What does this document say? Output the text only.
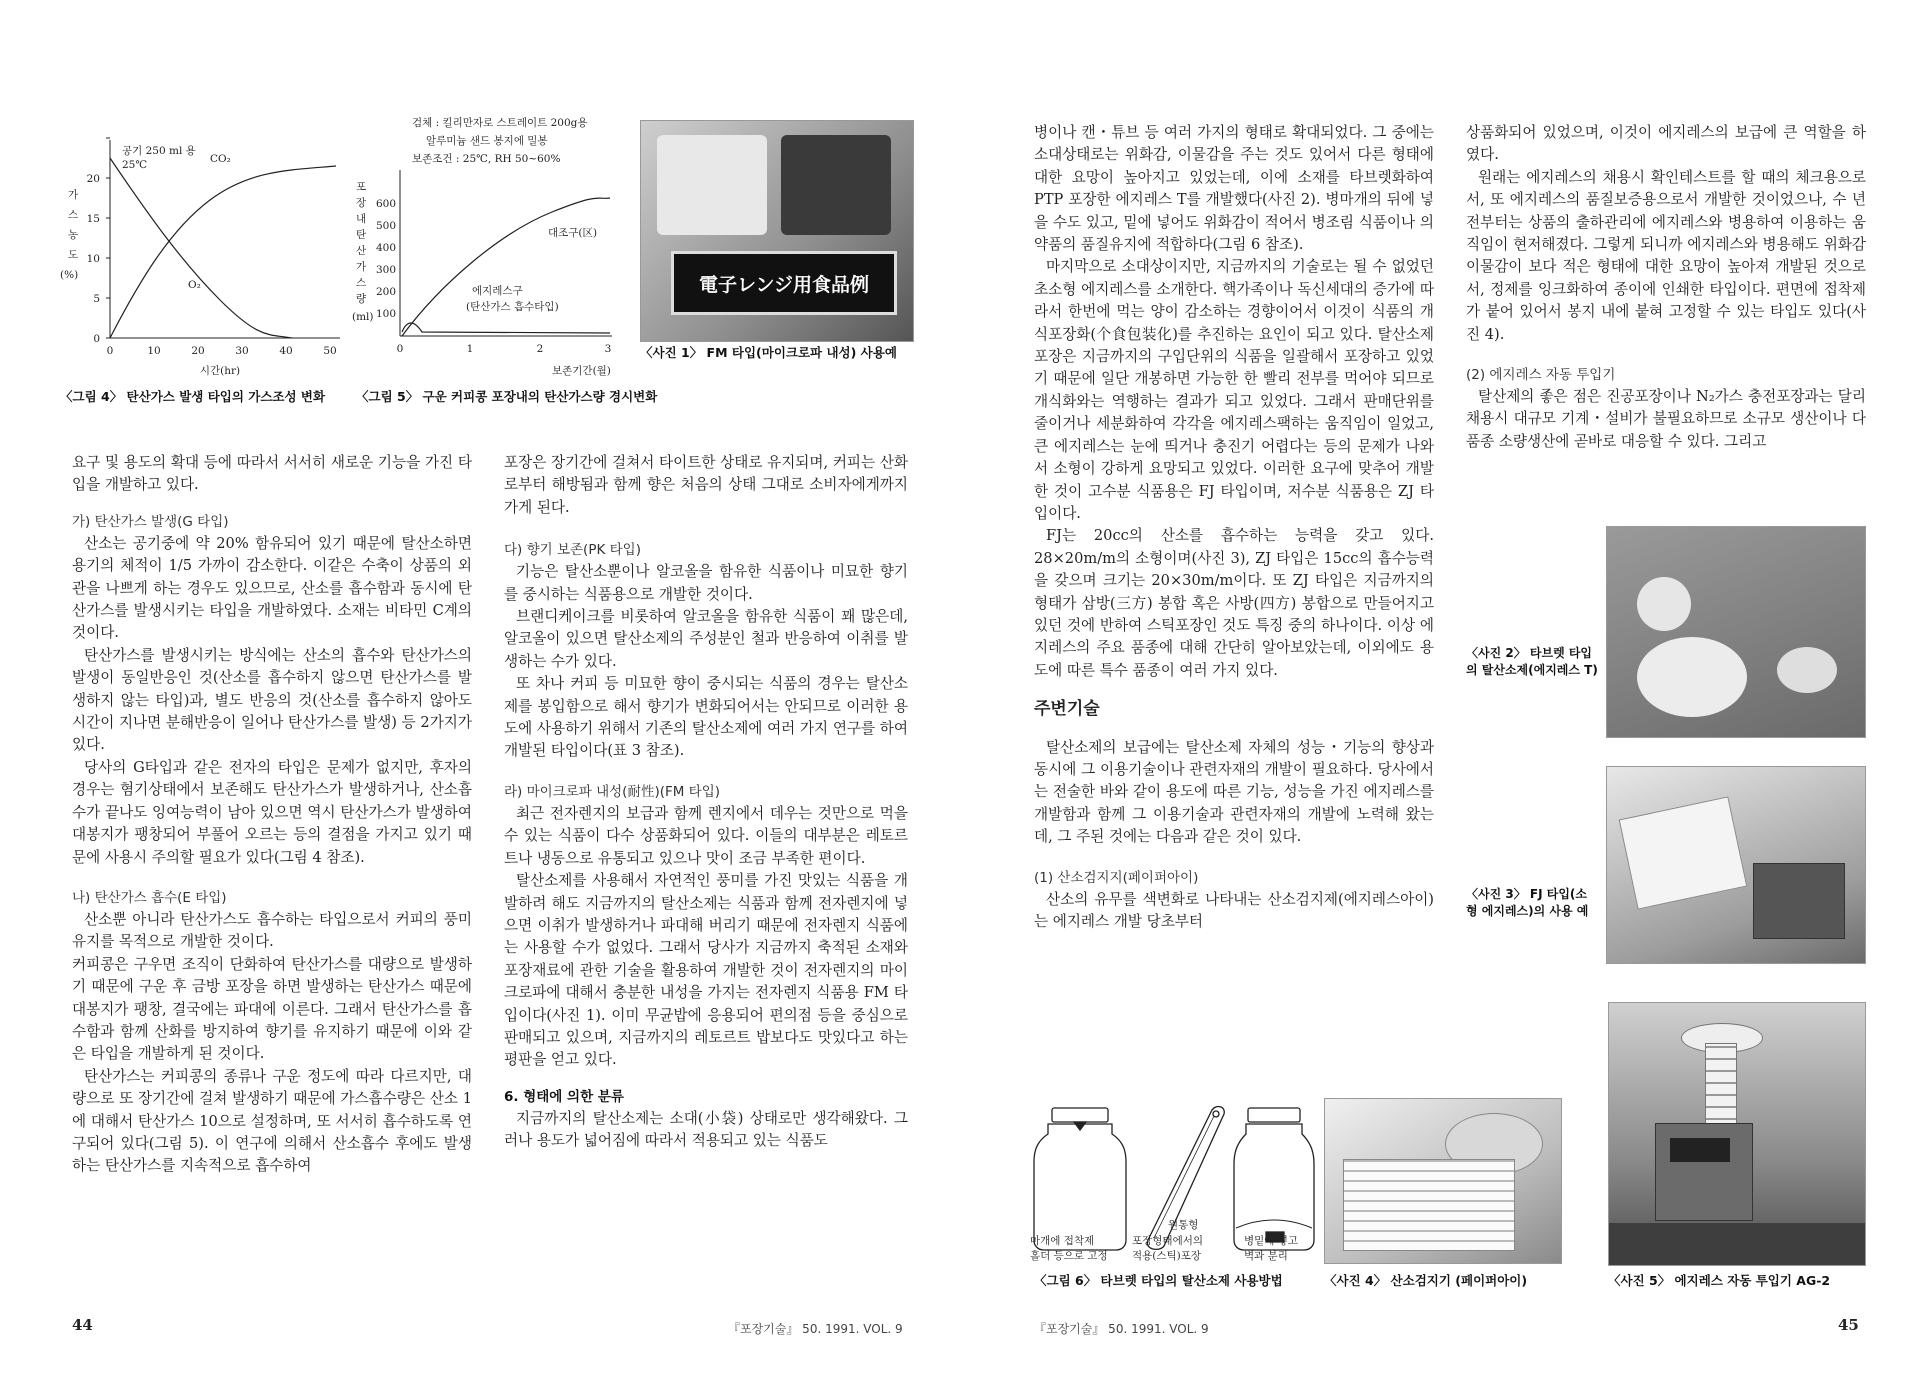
0
5
10
15
20
0	10	20	30	40	50
가
스
농
도
(%)
공기 250 ml 용
25℃	CO₂
O₂
시간(hr)
검체 : 킬리만자로 스트레이트 200g용
알루미늄 샌드 봉지에 밀봉
보존조건 : 25℃, RH 50∼60%
포
장
내
탄
산
가
스
량
(ml) 100
200
300
400
500
600
0	1	2	3
대조구(区)
에지레스구
(탄산가스 흡수타입)
보존기간(월)
〈그림 4〉 탄산가스 발생 타입의 가스조성 변화 〈그림 5〉 구운 커피콩 포장내의 탄산가스량 경시변화
電子レンジ用食品例
〈사진 1〉 FM 타입(마이크로파 내성) 사용예

요구 및 용도의 확대 등에 따라서 서서히 새로운 기능을 가진 타입을 개발하고 있다.

가) 탄산가스 발생(G 타입)

산소는 공기중에 약 20% 함유되어 있기 때문에 탈산소하면 용기의 체적이 1/5 가까이 감소한다. 이같은 수축이 상품의 외관을 나쁘게 하는 경우도 있으므로, 산소를 흡수함과 동시에 탄산가스를 발생시키는 타입을 개발하였다. 소재는 비타민 C계의 것이다.

탄산가스를 발생시키는 방식에는 산소의 흡수와 탄산가스의 발생이 동일반응인 것(산소를 흡수하지 않으면 탄산가스를 발생하지 않는 타입)과, 별도 반응의 것(산소를 흡수하지 않아도 시간이 지나면 분해반응이 일어나 탄산가스를 발생) 등 2가지가 있다.

당사의 G타입과 같은 전자의 타입은 문제가 없지만, 후자의 경우는 혐기상태에서 보존해도 탄산가스가 발생하거나, 산소흡수가 끝나도 잉여능력이 남아 있으면 역시 탄산가스가 발생하여 대봉지가 팽창되어 부풀어 오르는 등의 결점을 가지고 있기 때문에 사용시 주의할 필요가 있다(그림 4 참조).

나) 탄산가스 흡수(E 타입)

산소뿐 아니라 탄산가스도 흡수하는 타입으로서 커피의 풍미유지를 목적으로 개발한 것이다.

커피콩은 구우면 조직이 단화하여 탄산가스를 대량으로 발생하기 때문에 구운 후 금방 포장을 하면 발생하는 탄산가스 때문에 대봉지가 팽창, 결국에는 파대에 이른다. 그래서 탄산가스를 흡수함과 함께 산화를 방지하여 향기를 유지하기 때문에 이와 같은 타입을 개발하게 된 것이다.

탄산가스는 커피콩의 종류나 구운 정도에 따라 다르지만, 대량으로 또 장기간에 걸쳐 발생하기 때문에 가스흡수량은 산소 1에 대해서 탄산가스 10으로 설정하며, 또 서서히 흡수하도록 연구되어 있다(그림 5). 이 연구에 의해서 산소흡수 후에도 발생하는 탄산가스를 지속적으로 흡수하여

포장은 장기간에 걸쳐서 타이트한 상태로 유지되며, 커피는 산화로부터 해방됨과 함께 향은 처음의 상태 그대로 소비자에게까지 가게 된다.

다) 향기 보존(PK 타입)

기능은 탈산소뿐이나 알코올을 함유한 식품이나 미묘한 향기를 중시하는 식품용으로 개발한 것이다.

브랜디케이크를 비롯하여 알코올을 함유한 식품이 꽤 많은데, 알코올이 있으면 탈산소제의 주성분인 철과 반응하여 이취를 발생하는 수가 있다.

또 차나 커피 등 미묘한 향이 중시되는 식품의 경우는 탈산소제를 봉입함으로 해서 향기가 변화되어서는 안되므로 이러한 용도에 사용하기 위해서 기존의 탈산소제에 여러 가지 연구를 하여 개발된 타입이다(표 3 참조).

라) 마이크로파 내성(耐性)(FM 타입)

최근 전자렌지의 보급과 함께 렌지에서 데우는 것만으로 먹을 수 있는 식품이 다수 상품화되어 있다. 이들의 대부분은 레토르트나 냉동으로 유통되고 있으나 맛이 조금 부족한 편이다.

탈산소제를 사용해서 자연적인 풍미를 가진 맛있는 식품을 개발하려 해도 지금까지의 탈산소제는 식품과 함께 전자렌지에 넣으면 이취가 발생하거나 파대해 버리기 때문에 전자렌지 식품에는 사용할 수가 없었다. 그래서 당사가 지금까지 축적된 소재와 포장재료에 관한 기술을 활용하여 개발한 것이 전자렌지의 마이크로파에 대해서 충분한 내성을 가지는 전자렌지 식품용 FM 타입이다(사진 1). 이미 무균밥에 응용되어 편의점 등을 중심으로 판매되고 있으며, 지금까지의 레토르트 밥보다도 맛있다고 하는 평판을 얻고 있다.

6. 형태에 의한 분류

지금까지의 탈산소제는 소대(小袋) 상태로만 생각해왔다. 그러나 용도가 넓어짐에 따라서 적용되고 있는 식품도

44	『포장기술』 50. 1991. VOL. 9

병이나 캔・튜브 등 여러 가지의 형태로 확대되었다. 그 중에는 소대상태로는 위화감, 이물감을 주는 것도 있어서 다른 형태에 대한 요망이 높아지고 있었는데, 이에 소재를 타브렛화하여 PTP 포장한 에지레스 T를 개발했다(사진 2). 병마개의 뒤에 넣을 수도 있고, 밑에 넣어도 위화감이 적어서 병조림 식품이나 의약품의 품질유지에 적합하다(그림 6 참조).

마지막으로 소대상이지만, 지금까지의 기술로는 될 수 없었던 초소형 에지레스를 소개한다. 핵가족이나 독신세대의 증가에 따라서 한번에 먹는 양이 감소하는 경향이어서 이것이 식품의 개식포장화(个食包装化)를 추진하는 요인이 되고 있다. 탈산소제 포장은 지금까지의 구입단위의 식품을 일괄해서 포장하고 있었기 때문에 일단 개봉하면 가능한 한 빨리 전부를 먹어야 되므로 개식화와는 역행하는 결과가 되고 있었다. 그래서 판매단위를 줄이거나 세분화하여 각각을 에지레스팩하는 움직임이 일었고, 큰 에지레스는 눈에 띄거나 충진기 어렵다는 등의 문제가 나와서 소형이 강하게 요망되고 있었다. 이러한 요구에 맞추어 개발한 것이 고수분 식품용은 FJ 타입이며, 저수분 식품용은 ZJ 타입이다.

FJ는 20cc의 산소를 흡수하는 능력을 갖고 있다. 28×20m/m의 소형이며(사진 3), ZJ 타입은 15cc의 흡수능력을 갖으며 크기는 20×30m/m이다. 또 ZJ 타입은 지금까지의 형태가 삼방(三方) 봉합 혹은 사방(四方) 봉합으로 만들어지고 있던 것에 반하여 스틱포장인 것도 특징 중의 하나이다. 이상 에지레스의 주요 품종에 대해 간단히 알아보았는데, 이외에도 용도에 따른 특수 품종이 여러 가지 있다.

주변기술

탈산소제의 보급에는 탈산소제 자체의 성능・기능의 향상과 동시에 그 이용기술이나 관련자재의 개발이 필요하다. 당사에서는 전술한 바와 같이 용도에 따른 기능, 성능을 가진 에지레스를 개발함과 함께 그 이용기술과 관련자재의 개발에 노력해 왔는데, 그 주된 것에는 다음과 같은 것이 있다.

(1) 산소검지지(페이퍼아이)

산소의 유무를 색변화로 나타내는 산소검지제(에지레스아이)는 에지레스 개발 당초부터

상품화되어 있었으며, 이것이 에지레스의 보급에 큰 역할을 하였다.

원래는 에지레스의 채용시 확인테스트를 할 때의 체크용으로서, 또 에지레스의 품질보증용으로서 개발한 것이었으나, 수 년 전부터는 상품의 출하관리에 에지레스와 병용하여 이용하는 움직임이 현저해졌다. 그렇게 되니까 에지레스와 병용해도 위화감 이물감이 보다 적은 형태에 대한 요망이 높아져 개발된 것으로서, 정제를 잉크화하여 종이에 인쇄한 타입이다. 편면에 접착제가 붙어 있어서 봉지 내에 붙혀 고정할 수 있는 타입도 있다(사진 4).

(2) 에지레스 자동 투입기

탈산제의 좋은 점은 진공포장이나 N₂가스 충전포장과는 달리 채용시 대규모 기계・설비가 불필요하므로 소규모 생산이나 다품종 소량생산에 곧바로 대응할 수 있다. 그리고

〈사진 2〉 타브렛 타입의 탈산소제(에지레스 T)
〈사진 3〉 FJ 타입(소형 에지레스)의 사용 예
원통형
마개에 접착제
홀더 등으로 고정
포장형태에서의
적용(스틱)포장
병밑에 넣고
벽과 분리
〈그림 6〉 타브렛 타입의 탈산소제 사용방법	〈사진 4〉 산소검지기 (페이퍼아이)	〈사진 5〉 에지레스 자동 투입기 AG-2
『포장기술』 50. 1991. VOL. 9	45
